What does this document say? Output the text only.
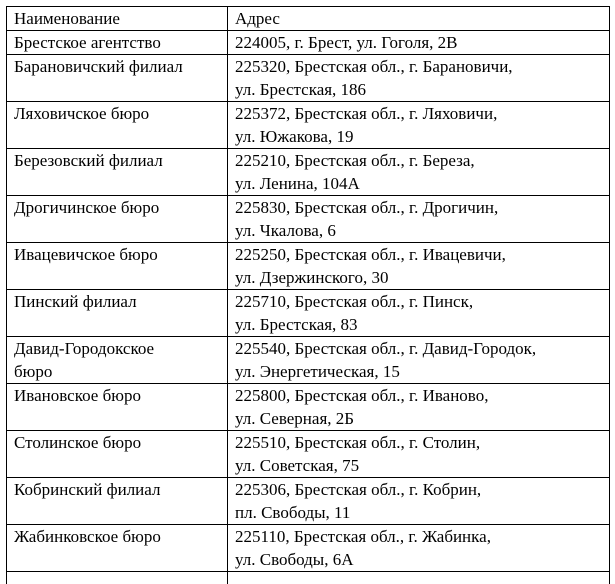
Наименование	Адрес
Брестское агентство	224005, г. Брест, ул. Гоголя, 2В

Барановичский филиал	225320, Брестская обл., г. Барановичи,
ул. Брестская, 186

Ляховичское бюро	225372, Брестская обл., г. Ляховичи,
ул. Южакова, 19

Березовский филиал	225210, Брестская обл., г. Береза,
ул. Ленина, 104А

Дрогичинское бюро	225830, Брестская обл., г. Дрогичин,
ул. Чкалова, 6

Ивацевичское бюро	225250, Брестская обл., г. Ивацевичи,
ул. Дзержинского, 30

Пинский филиал	225710, Брестская обл., г. Пинск,
ул. Брестская, 83

Давид-Городокское
бюро	225540, Брестская обл., г. Давид-Городок,
ул. Энергетическая, 15

Ивановское бюро	225800, Брестская обл., г. Иваново,
ул. Северная, 2Б

Столинское бюро	225510, Брестская обл., г. Столин,
ул. Советская, 75

Кобринский филиал	225306, Брестская обл., г. Кобрин,
пл. Свободы, 11

Жабинковское бюро	225110, Брестская обл., г. Жабинка,
ул. Свободы, 6А
